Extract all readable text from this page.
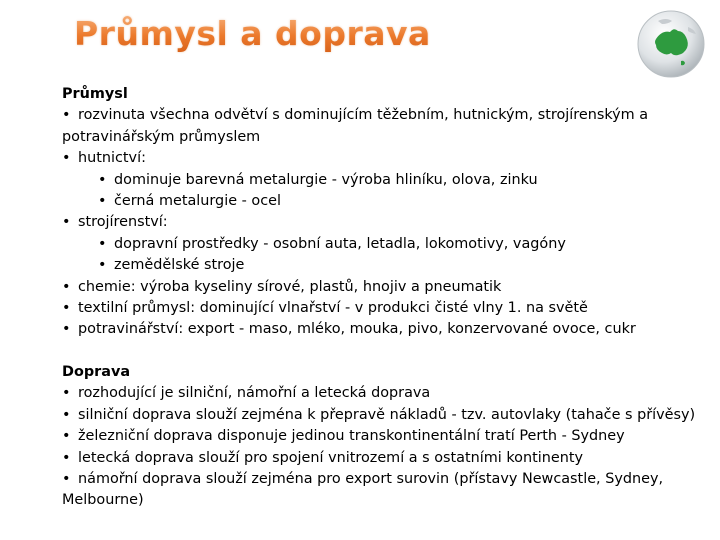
Průmysl a doprava
Průmysl
• rozvinuta všechna odvětví s dominujícím těžebním, hutnickým, strojírenským a potravinářským průmyslem
• hutnictví:
• dominuje barevná metalurgie - výroba hliníku, olova, zinku
• černá metalurgie - ocel
• strojírenství:
• dopravní prostředky - osobní auta, letadla, lokomotivy, vagóny
• zemědělské stroje
• chemie: výroba kyseliny sírové, plastů, hnojiv a pneumatik
• textilní průmysl: dominující vlnařství - v produkci čisté vlny 1. na světě
• potravinářství: export - maso, mléko, mouka, pivo, konzervované ovoce, cukr
Doprava
• rozhodující je silniční, námořní a letecká doprava
• silniční doprava slouží zejména k přepravě nákladů - tzv. autovlaky (tahače s přívěsy)
• železniční doprava disponuje jedinou transkontinentální tratí Perth - Sydney
• letecká doprava slouží pro spojení vnitrozemí a s ostatními kontinenty
• námořní doprava slouží zejména pro export surovin (přístavy Newcastle, Sydney, Melbourne)
